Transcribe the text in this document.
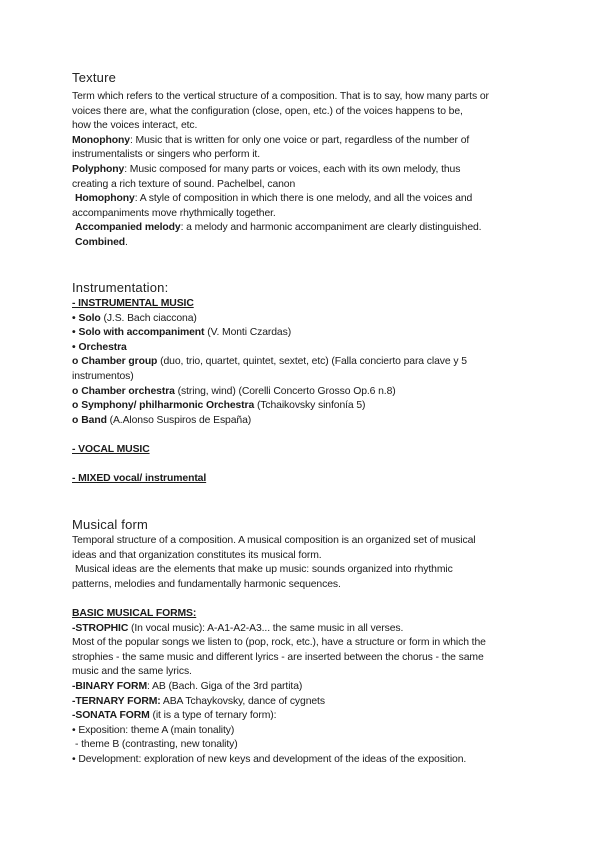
Texture
Term which refers to the vertical structure of a composition. That is to say, how many parts or
voices there are, what the configuration (close, open, etc.) of the voices happens to be,
how the voices interact, etc.
Monophony: Music that is written for only one voice or part, regardless of the number of
instrumentalists or singers who perform it.
Polyphony: Music composed for many parts or voices, each with its own melody, thus
creating a rich texture of sound. Pachelbel, canon
Homophony: A style of composition in which there is one melody, and all the voices and
accompaniments move rhythmically together.
Accompanied melody: a melody and harmonic accompaniment are clearly distinguished.
Combined.
Instrumentation:
- INSTRUMENTAL MUSIC
• Solo (J.S. Bach ciaccona)
• Solo with accompaniment (V. Monti Czardas)
• Orchestra
o Chamber group (duo, trio, quartet, quintet, sextet, etc) (Falla concierto para clave y 5
instrumentos)
o Chamber orchestra (string, wind) (Corelli Concerto Grosso Op.6 n.8)
o Symphony/ philharmonic Orchestra (Tchaikovsky sinfonía 5)
o Band (A.Alonso Suspiros de España)
- VOCAL MUSIC
- MIXED vocal/ instrumental
Musical form
Temporal structure of a composition. A musical composition is an organized set of musical
ideas and that organization constitutes its musical form.
Musical ideas are the elements that make up music: sounds organized into rhythmic
patterns, melodies and fundamentally harmonic sequences.
BASIC MUSICAL FORMS:
-STROPHIC (In vocal music): A-A1-A2-A3... the same music in all verses.
Most of the popular songs we listen to (pop, rock, etc.), have a structure or form in which the
strophies - the same music and different lyrics - are inserted between the chorus - the same
music and the same lyrics.
-BINARY FORM: AB (Bach. Giga of the 3rd partita)
-TERNARY FORM: ABA Tchaykovsky, dance of cygnets
-SONATA FORM (it is a type of ternary form):
• Exposition: theme A (main tonality)
- theme B (contrasting, new tonality)
• Development: exploration of new keys and development of the ideas of the exposition.
